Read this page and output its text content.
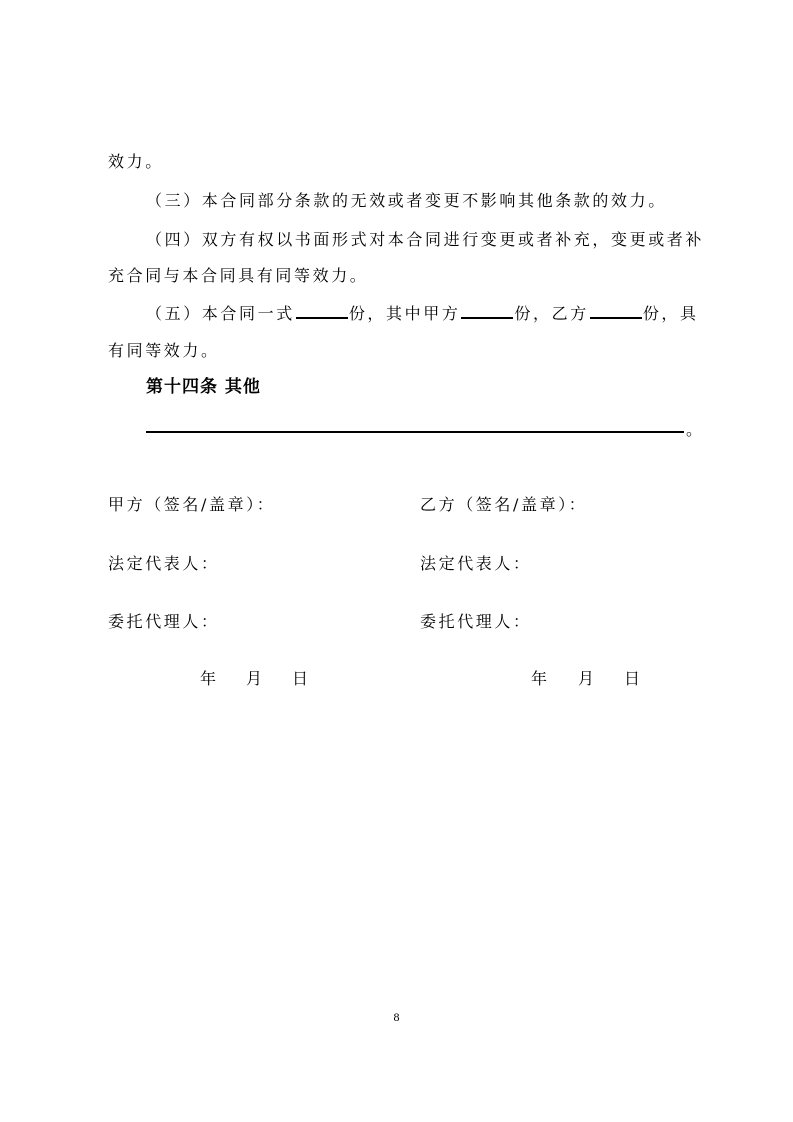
效力。
（三）本合同部分条款的无效或者变更不影响其他条款的效力。
（四）双方有权以书面形式对本合同进行变更或者补充，变更或者补
充合同与本合同具有同等效力。
（五）本合同一式	份，其中甲方	份，乙方	份，具
有同等效力。
第十四条 其他
。
甲方（签名/盖章）：	乙方（签名/盖章）：
法定代表人：	法定代表人：
委托代理人：	委托代理人：
年 月 日	年 月 日
8
